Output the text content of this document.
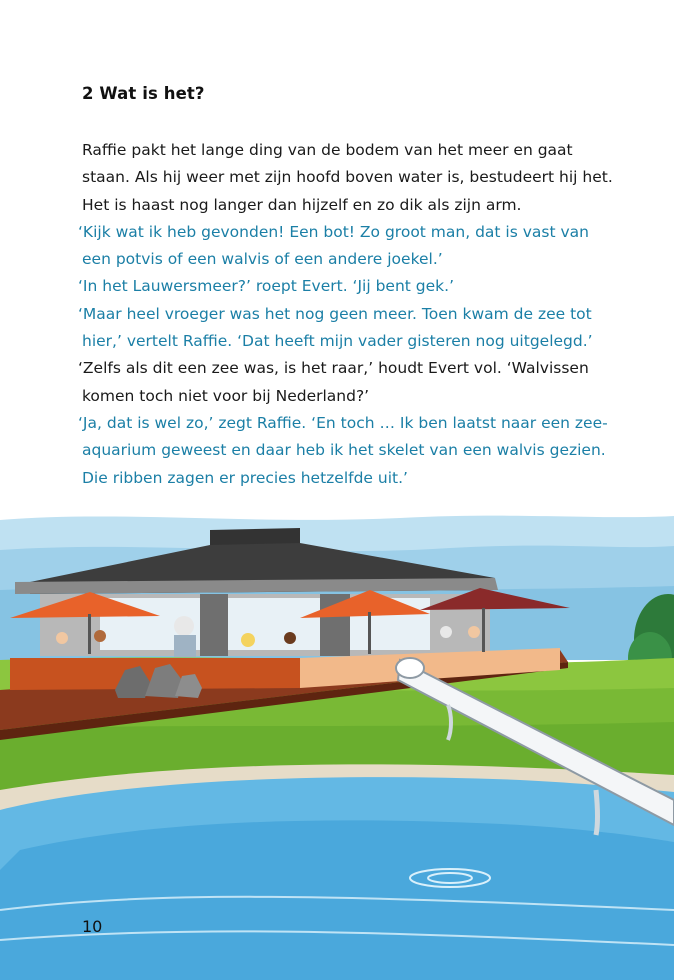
2 Wat is het?
Raffie pakt het lange ding van de bodem van het meer en gaat
staan. Als hij weer met zijn hoofd boven water is, bestudeert hij het.
Het is haast nog langer dan hijzelf en zo dik als zijn arm.
‘Kijk wat ik heb gevonden! Een bot! Zo groot man, dat is vast van
een potvis of een walvis of een andere joekel.’
‘In het Lauwersmeer?’ roept Evert. ‘Jij bent gek.’
‘Maar heel vroeger was het nog geen meer. Toen kwam de zee tot
hier,’ vertelt Raffie. ‘Dat heeft mijn vader gisteren nog uitgelegd.’
‘Zelfs als dit een zee was, is het raar,’ houdt Evert vol. ‘Walvissen
komen toch niet voor bij Nederland?’
‘Ja, dat is wel zo,’ zegt Raffie. ‘En toch … Ik ben laatst naar een zee-
aquarium geweest en daar heb ik het skelet van een walvis gezien.
Die ribben zagen er precies hetzelfde uit.’
10
